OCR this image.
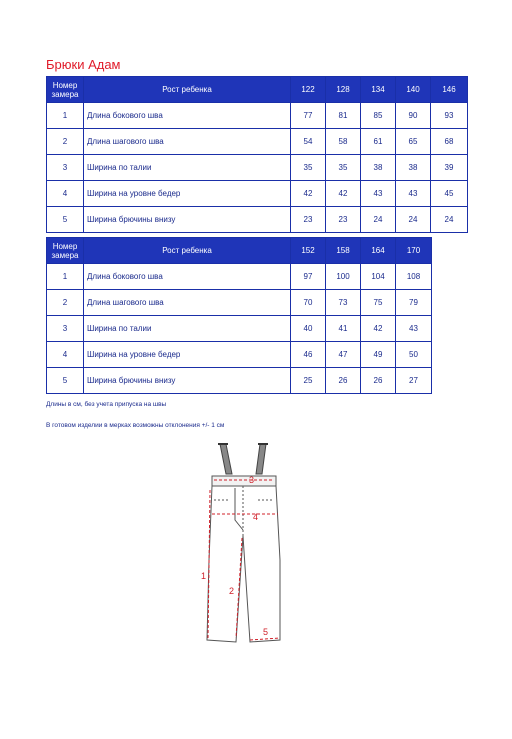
Брюки Адам
Номер замера	Рост ребенка	122	128	134	140	146
1	Длина бокового шва	77	81	85	90	93
2	Длина шагового шва	54	58	61	65	68
3	Ширина по талии	35	35	38	38	39
4	Ширина на уровне бедер	42	42	43	43	45
5	Ширина брючины внизу	23	23	24	24	24
Номер замера	Рост ребенка	152	158	164	170
1	Длина бокового шва	97	100	104	108
2	Длина шагового шва	70	73	75	79
3	Ширина по талии	40	41	42	43
4	Ширина на уровне бедер	46	47	49	50
5	Ширина брючины внизу	25	26	26	27
Длины в см, без учета припуска на швы
В готовом изделии в мерках возможны отклонения +/- 1 см
1
2
3
4
5
